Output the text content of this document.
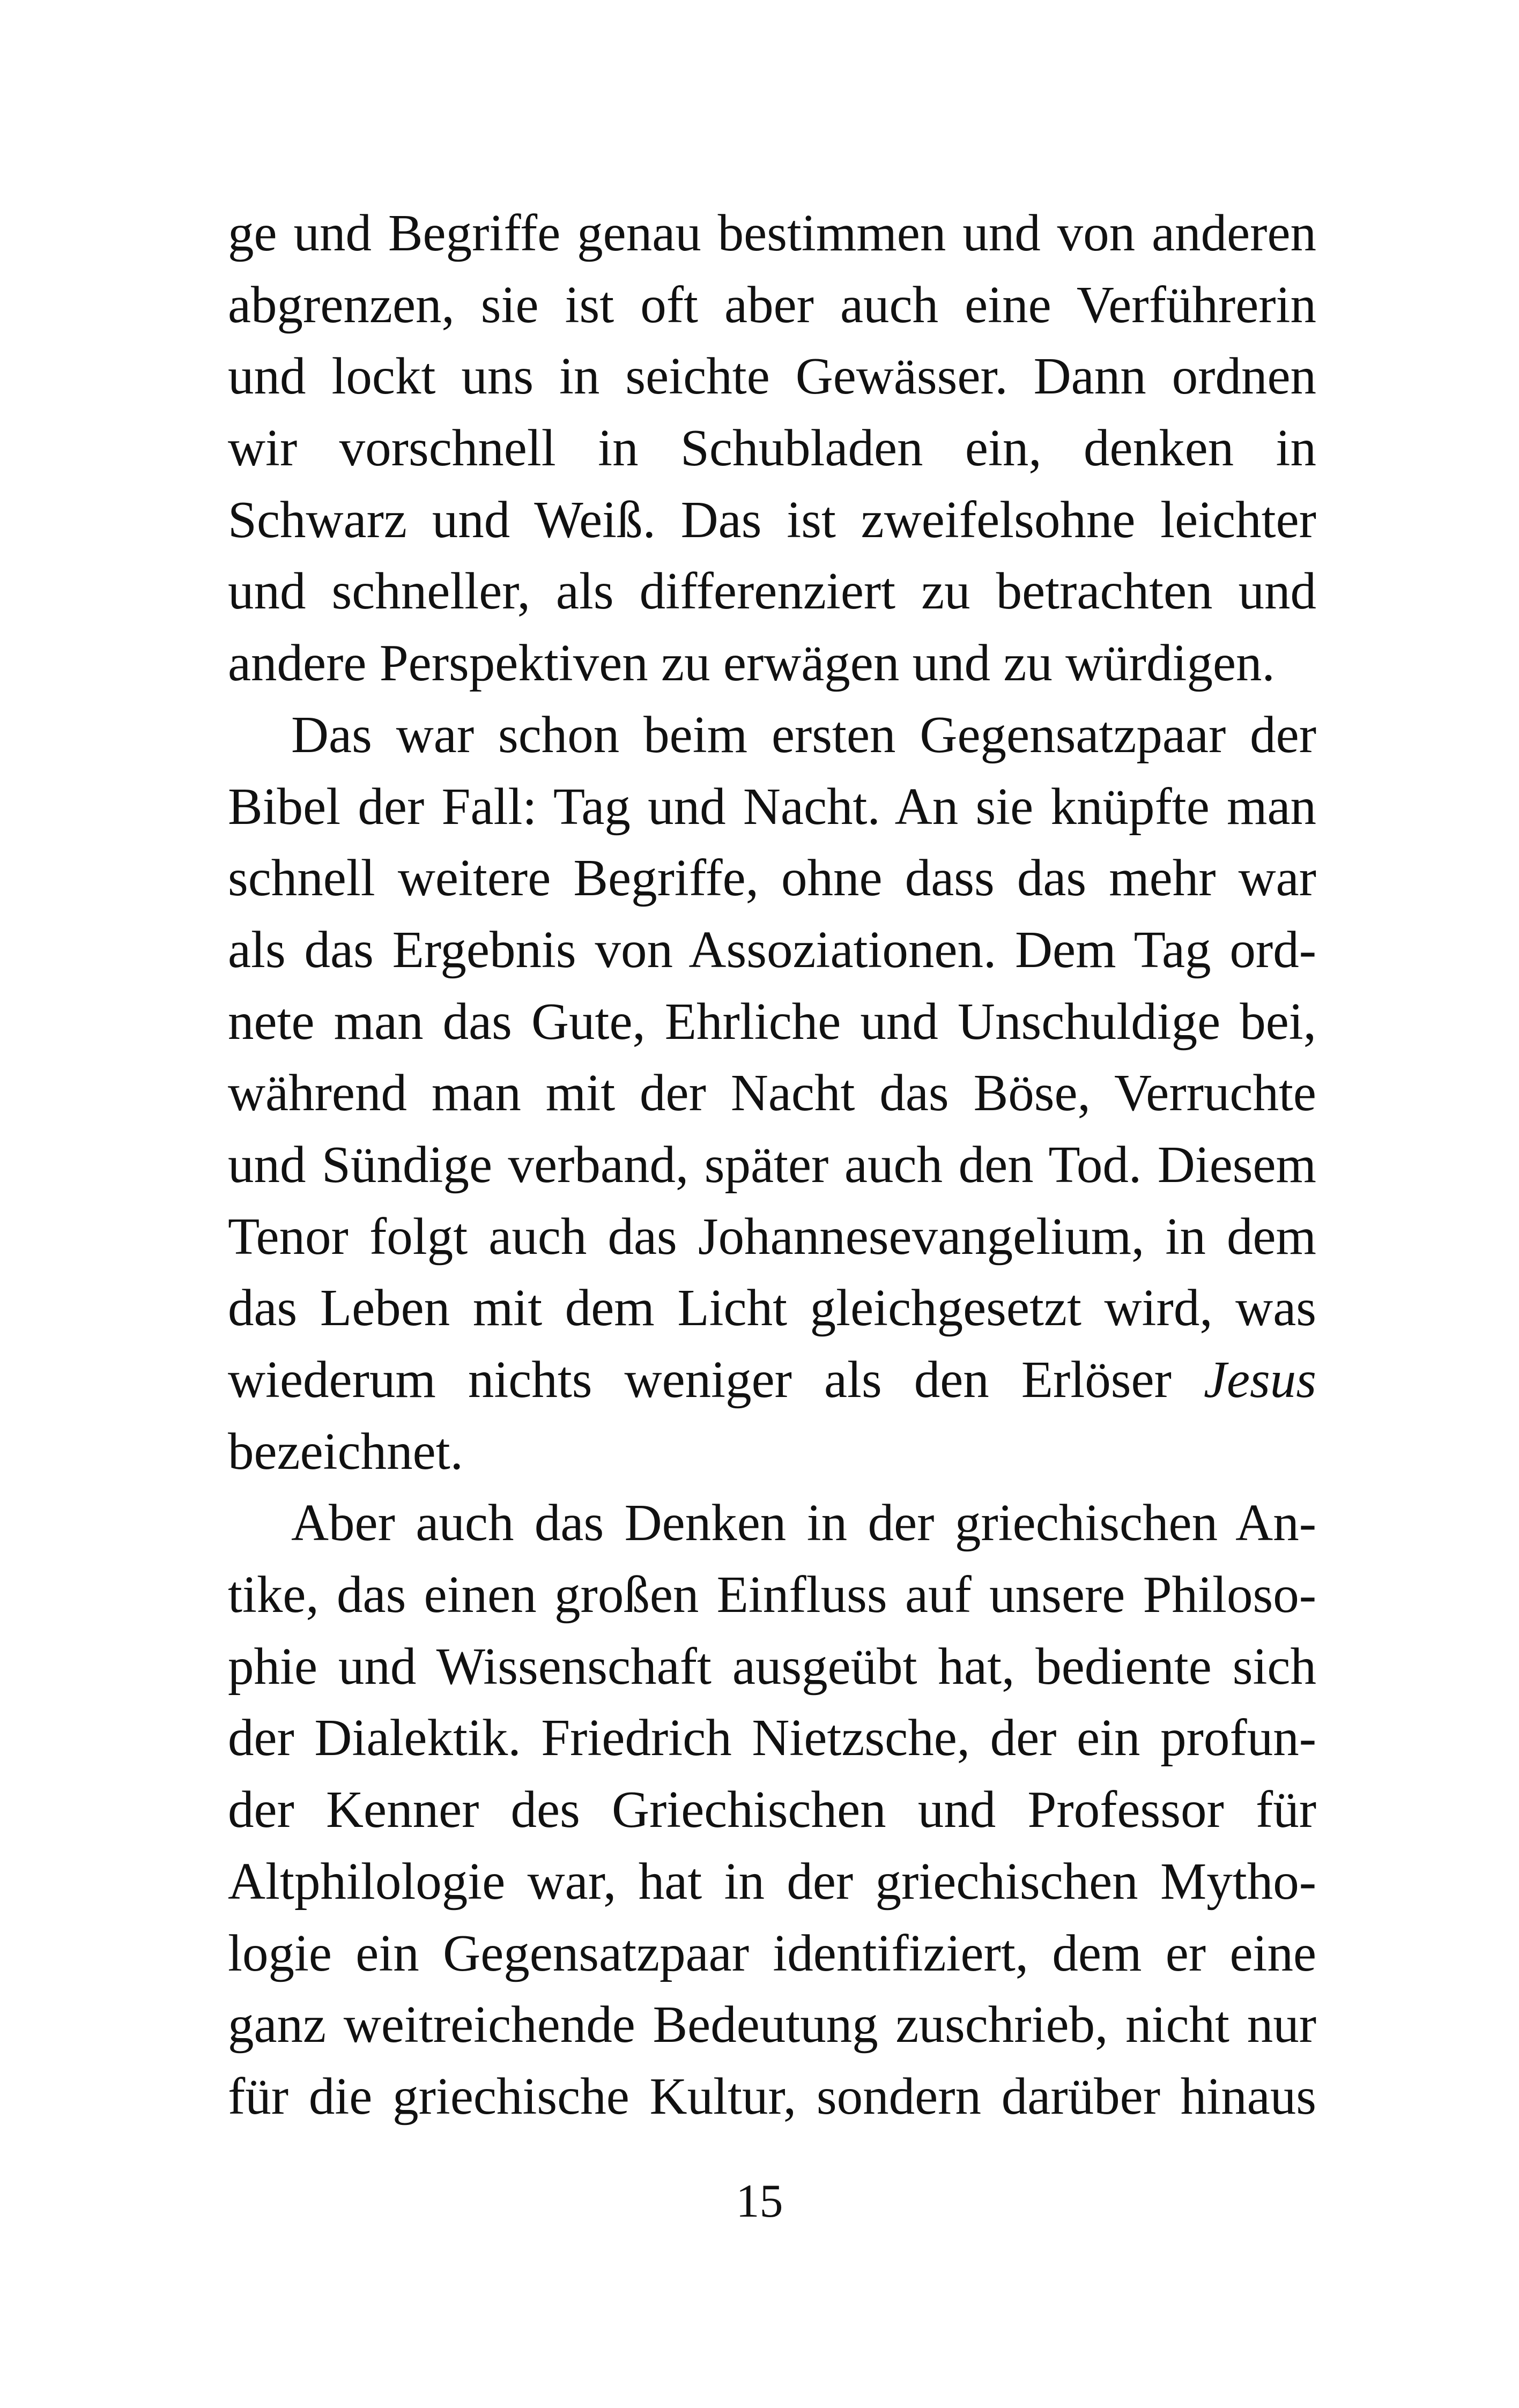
ge und Begriffe genau bestimmen und von anderen
abgrenzen, sie ist oft aber auch eine Verführerin
und lockt uns in seichte Gewässer. Dann ordnen
wir vorschnell in Schubladen ein, denken in
Schwarz und Weiß. Das ist zweifelsohne leichter
und schneller, als differenziert zu betrachten und
andere Perspektiven zu erwägen und zu würdigen.
Das war schon beim ersten Gegensatzpaar der
Bibel der Fall: Tag und Nacht. An sie knüpfte man
schnell weitere Begriffe, ohne dass das mehr war
als das Ergebnis von Assoziationen. Dem Tag ord-
nete man das Gute, Ehrliche und Unschuldige bei,
während man mit der Nacht das Böse, Verruchte
und Sündige verband, später auch den Tod. Diesem
Tenor folgt auch das Johannesevangelium, in dem
das Leben mit dem Licht gleichgesetzt wird, was
wiederum nichts weniger als den Erlöser Jesus
bezeichnet.
Aber auch das Denken in der griechischen An-
tike, das einen großen Einfluss auf unsere Philoso-
phie und Wissenschaft ausgeübt hat, bediente sich
der Dialektik. Friedrich Nietzsche, der ein profun-
der Kenner des Griechischen und Professor für
Altphilologie war, hat in der griechischen Mytho-
logie ein Gegensatzpaar identifiziert, dem er eine
ganz weitreichende Bedeutung zuschrieb, nicht nur
für die griechische Kultur, sondern darüber hinaus
15
